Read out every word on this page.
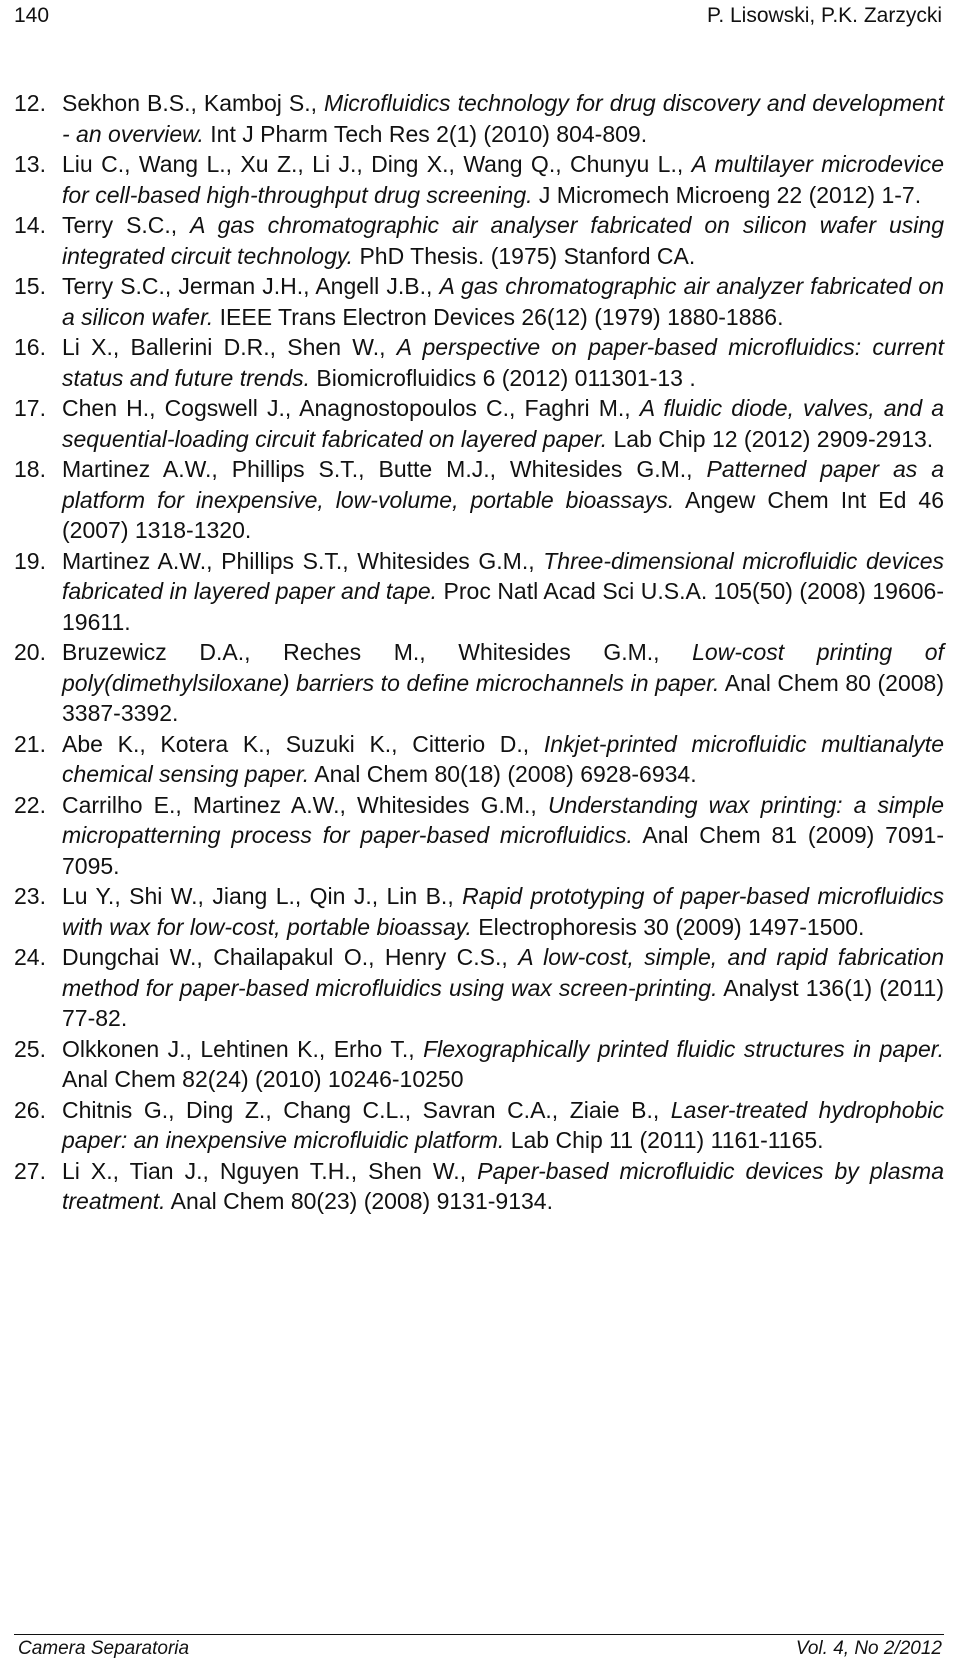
140	P. Lisowski, P.K. Zarzycki

12. Sekhon B.S., Kamboj S., Microfluidics technology for drug discovery and development - an overview. Int J Pharm Tech Res 2(1) (2010) 804-809.

13. Liu C., Wang L., Xu Z., Li J., Ding X., Wang Q., Chunyu L., A multilayer microdevice for cell-based high-throughput drug screening. J Micromech Microeng 22 (2012) 1-7.

14. Terry S.C., A gas chromatographic air analyser fabricated on silicon wafer using integrated circuit technology. PhD Thesis. (1975) Stanford CA.

15. Terry S.C., Jerman J.H., Angell J.B., A gas chromatographic air analyzer fabricated on a silicon wafer. IEEE Trans Electron Devices 26(12) (1979) 1880-1886.

16. Li X., Ballerini D.R., Shen W., A perspective on paper-based microfluidics: current status and future trends. Biomicrofluidics 6 (2012) 011301-13 .

17. Chen H., Cogswell J., Anagnostopoulos C., Faghri M., A fluidic diode, valves, and a sequential-loading circuit fabricated on layered paper. Lab Chip 12 (2012) 2909-2913.

18. Martinez A.W., Phillips S.T., Butte M.J., Whitesides G.M., Patterned paper as a platform for inexpensive, low-volume, portable bioassays. Angew Chem Int Ed 46 (2007) 1318-1320.

19. Martinez A.W., Phillips S.T., Whitesides G.M., Three-dimensional microfluidic devices fabricated in layered paper and tape. Proc Natl Acad Sci U.S.A. 105(50) (2008) 19606-19611.

20. Bruzewicz D.A., Reches M., Whitesides G.M., Low-cost printing of poly(dimethylsiloxane) barriers to define microchannels in paper. Anal Chem 80 (2008) 3387-3392.

21. Abe K., Kotera K., Suzuki K., Citterio D., Inkjet-printed microfluidic multianalyte chemical sensing paper. Anal Chem 80(18) (2008) 6928-6934.

22. Carrilho E., Martinez A.W., Whitesides G.M., Understanding wax printing: a simple micropatterning process for paper-based microfluidics. Anal Chem 81 (2009) 7091-7095.

23. Lu Y., Shi W., Jiang L., Qin J., Lin B., Rapid prototyping of paper-based microfluidics with wax for low-cost, portable bioassay. Electrophoresis 30 (2009) 1497-1500.

24. Dungchai W., Chailapakul O., Henry C.S., A low-cost, simple, and rapid fabrication method for paper-based microfluidics using wax screen-printing. Analyst 136(1) (2011) 77-82.

25. Olkkonen J., Lehtinen K., Erho T., Flexographically printed fluidic structures in paper. Anal Chem 82(24) (2010) 10246-10250

26. Chitnis G., Ding Z., Chang C.L., Savran C.A., Ziaie B., Laser-treated hydrophobic paper: an inexpensive microfluidic platform. Lab Chip 11 (2011) 1161-1165.

27. Li X., Tian J., Nguyen T.H., Shen W., Paper-based microfluidic devices by plasma treatment. Anal Chem 80(23) (2008) 9131-9134.

Camera Separatoria	Vol. 4, No 2/2012
